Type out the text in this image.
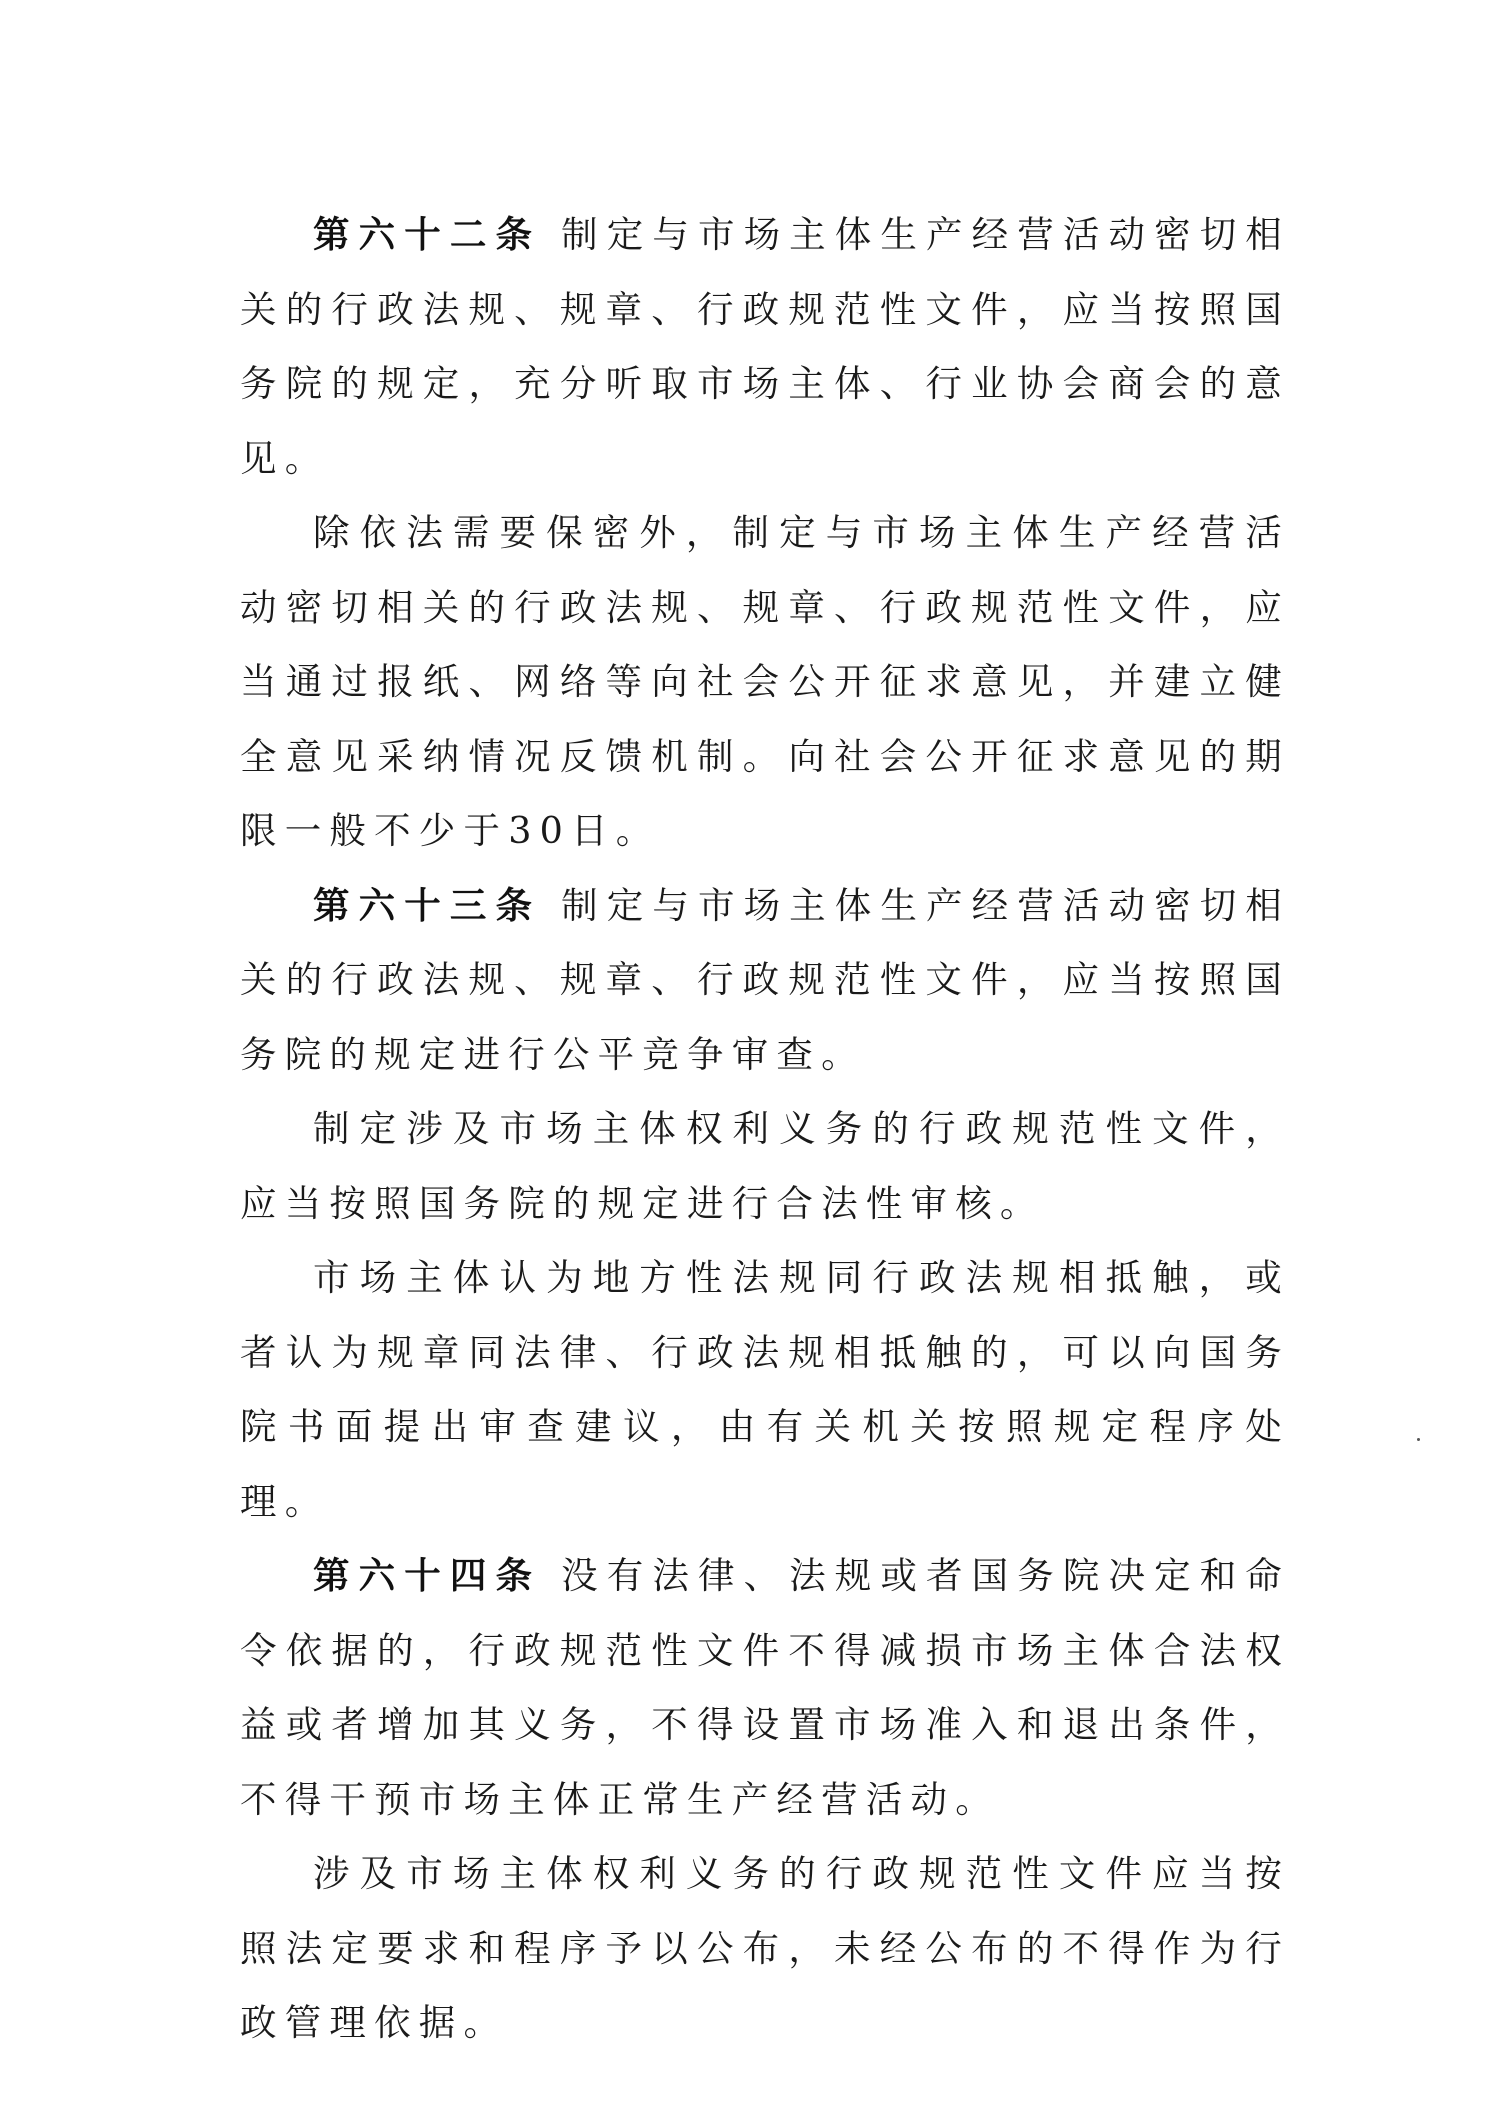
第六十二条 制定与市场主体生产经营活动密切相关的行政法规、规章、行政规范性文件，应当按照国务院的规定，充分听取市场主体、行业协会商会的意见。

除依法需要保密外，制定与市场主体生产经营活动密切相关的行政法规、规章、行政规范性文件，应当通过报纸、网络等向社会公开征求意见，并建立健全意见采纳情况反馈机制。向社会公开征求意见的期限一般不少于30日。

第六十三条 制定与市场主体生产经营活动密切相关的行政法规、规章、行政规范性文件，应当按照国务院的规定进行公平竞争审查。

制定涉及市场主体权利义务的行政规范性文件，应当按照国务院的规定进行合法性审核。

市场主体认为地方性法规同行政法规相抵触，或者认为规章同法律、行政法规相抵触的，可以向国务院书面提出审查建议，由有关机关按照规定程序处理。

第六十四条 没有法律、法规或者国务院决定和命令依据的，行政规范性文件不得减损市场主体合法权益或者增加其义务，不得设置市场准入和退出条件，不得干预市场主体正常生产经营活动。

涉及市场主体权利义务的行政规范性文件应当按照法定要求和程序予以公布，未经公布的不得作为行政管理依据。
